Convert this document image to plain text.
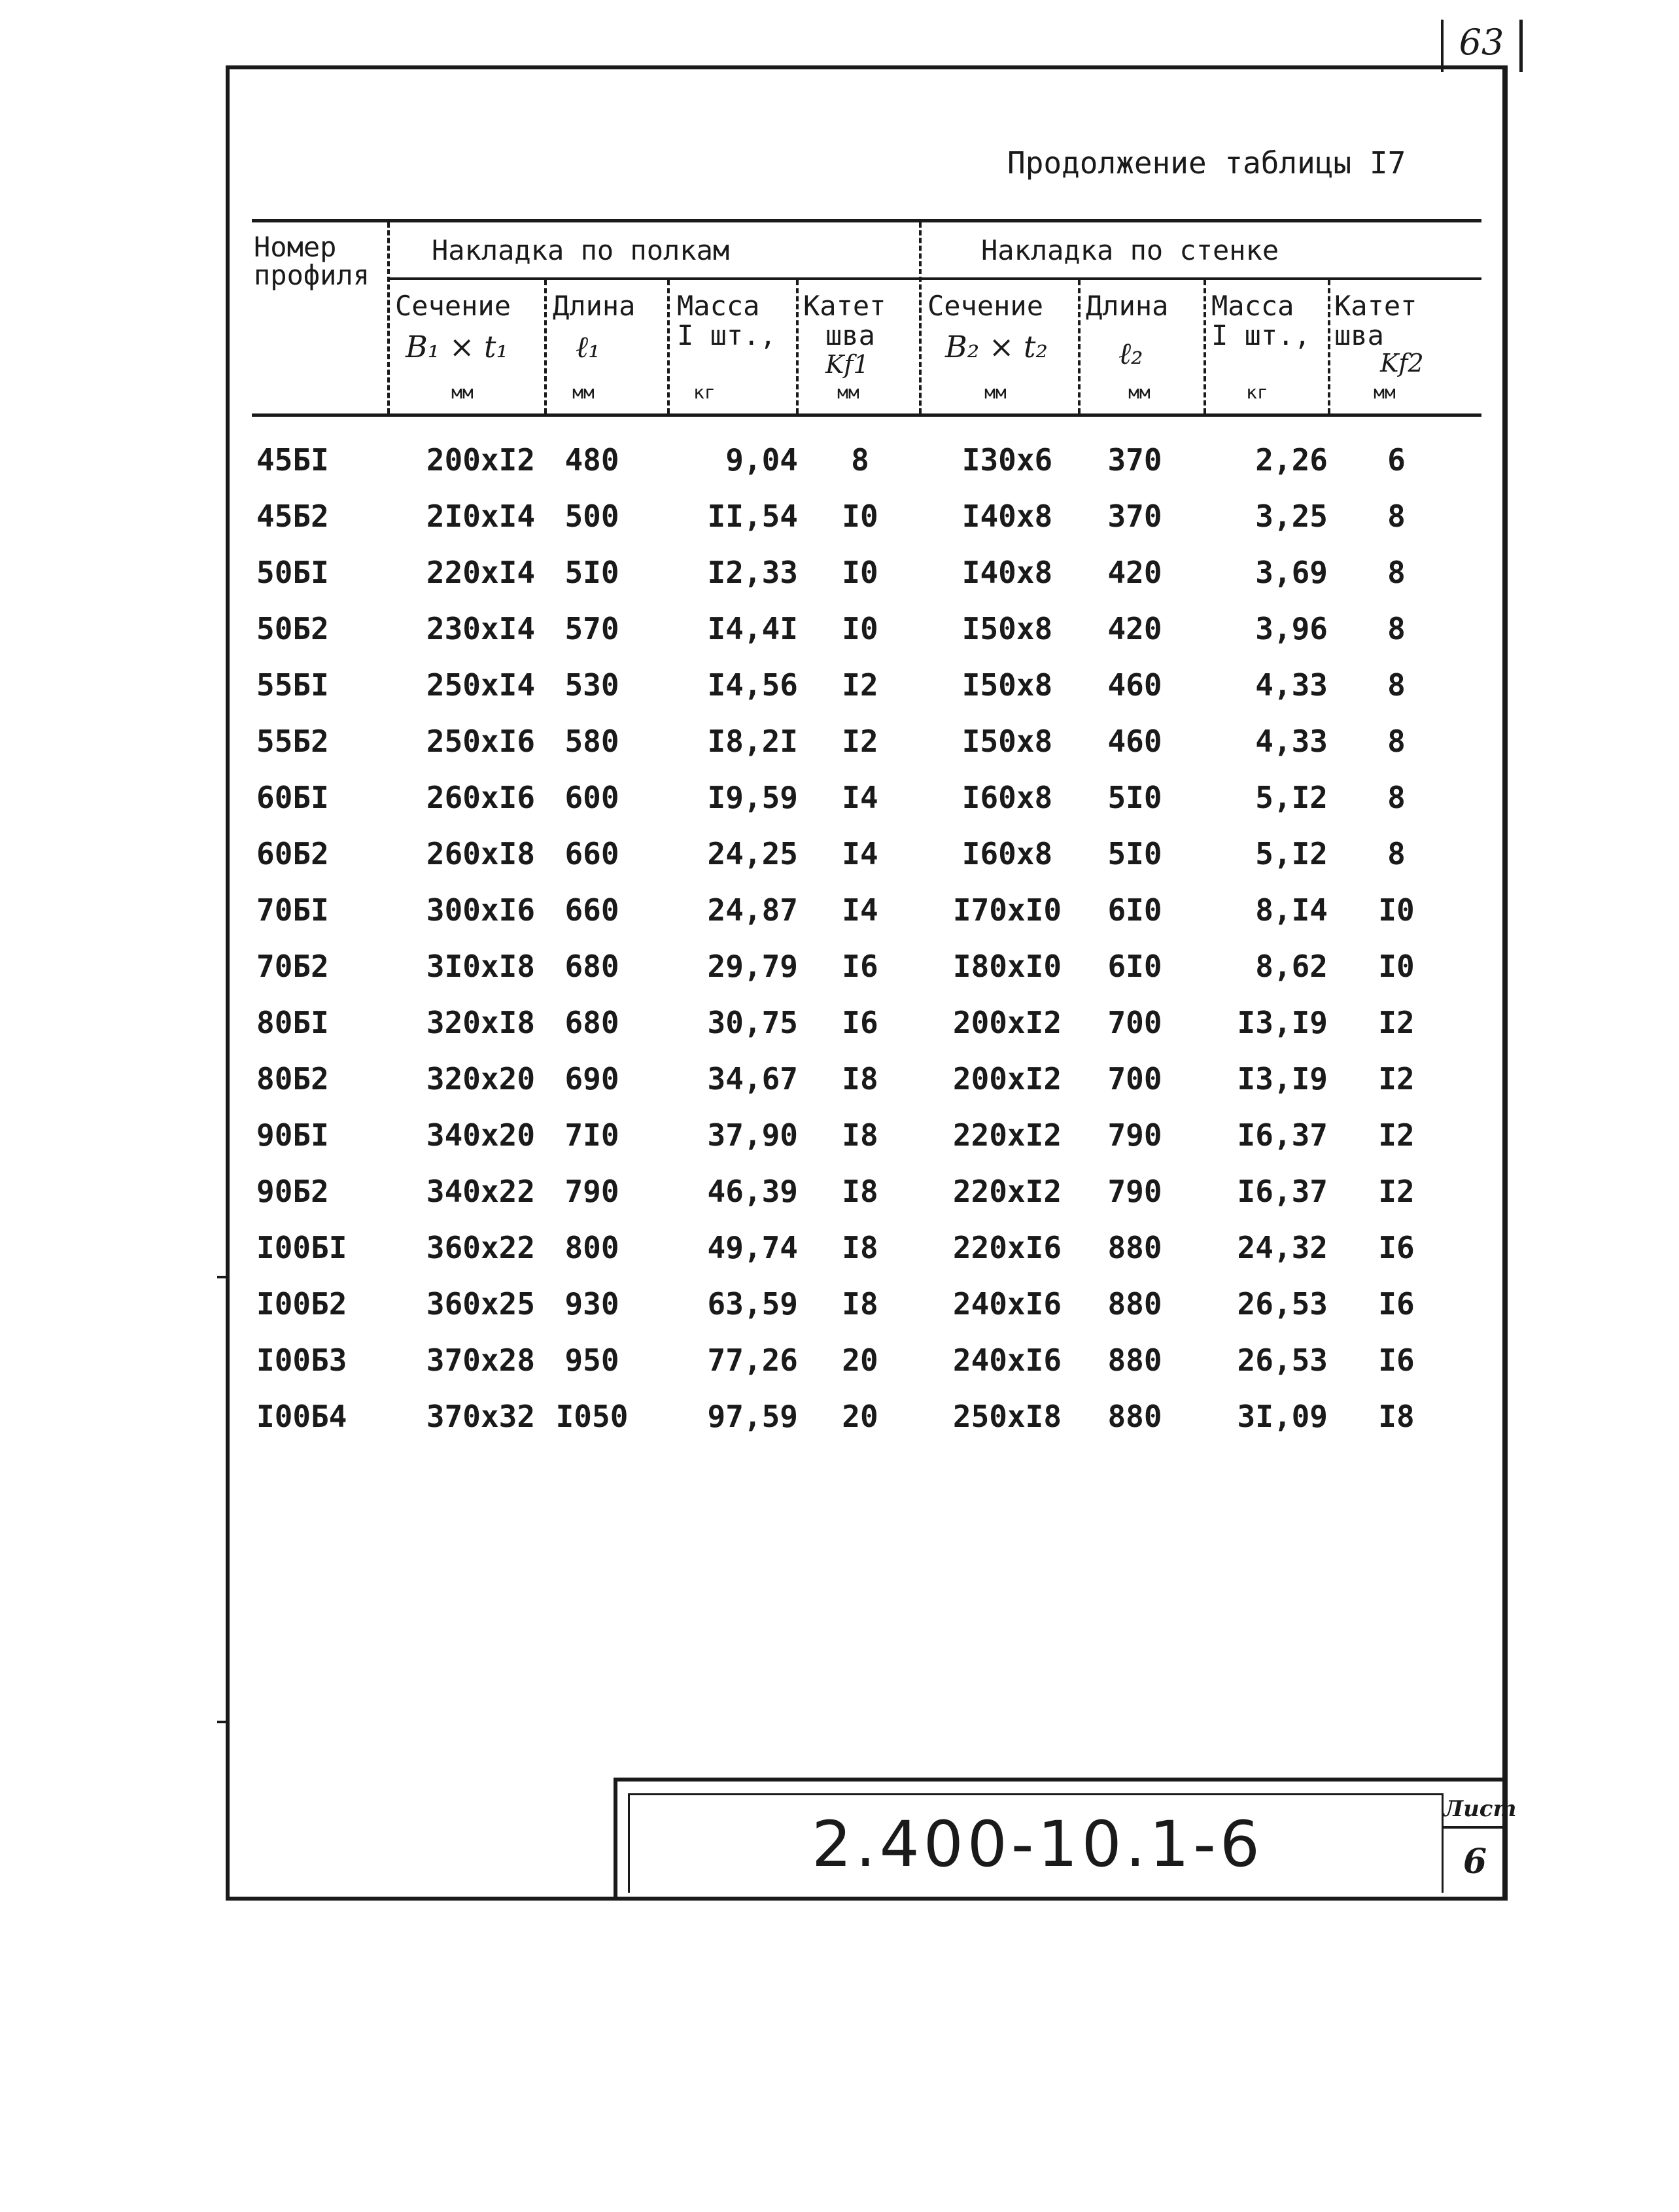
63
Продолжение таблицы I7
Номер
профиля
Накладка по полкам	Накладка по стенке
Сечение
B₁ × t₁
мм
Длина
ℓ₁
мм
Масса
I шт.,
кг
Катет
шва
Kf1
мм
Сечение
B₂ × t₂
мм
Длина
ℓ₂
мм
Масса
I шт.,
кг
Катет
шва
Kf2
мм
45БI	200хI2 480	9,04	8	I30х6	370	2,26	6
45Б2	2I0хI4 500	II,54	I0	I40х8	370	3,25	8
50БI	220хI4 5I0	I2,33	I0	I40х8	420	3,69	8
50Б2	230хI4 570	I4,4I	I0	I50х8	420	3,96	8
55БI	250хI4 530	I4,56	I2	I50х8	460	4,33	8
55Б2	250хI6 580	I8,2I	I2	I50х8	460	4,33	8
60БI	260хI6 600	I9,59	I4	I60х8	5I0	5,I2	8
60Б2	260хI8 660	24,25	I4	I60х8	5I0	5,I2	8
70БI	300хI6 660	24,87	I4	I70хI0	6I0	8,I4	I0
70Б2	3I0хI8 680	29,79	I6	I80хI0	6I0	8,62	I0
80БI	320хI8 680	30,75	I6	200хI2	700	I3,I9	I2
80Б2	320х20 690	34,67	I8	200хI2	700	I3,I9	I2
90БI	340х20 7I0	37,90	I8	220хI2	790	I6,37	I2
90Б2	340х22 790	46,39	I8	220хI2	790	I6,37	I2
I00БI	360х22 800	49,74	I8	220хI6	880	24,32	I6
I00Б2	360х25 930	63,59	I8	240хI6	880	26,53	I6
I00Б3	370х28 950	77,26	20	240хI6	880	26,53	I6
I00Б4	370х32 I050	97,59	20	250хI8	880	3I,09	I8
2.400-10.1-6	Лист
6
